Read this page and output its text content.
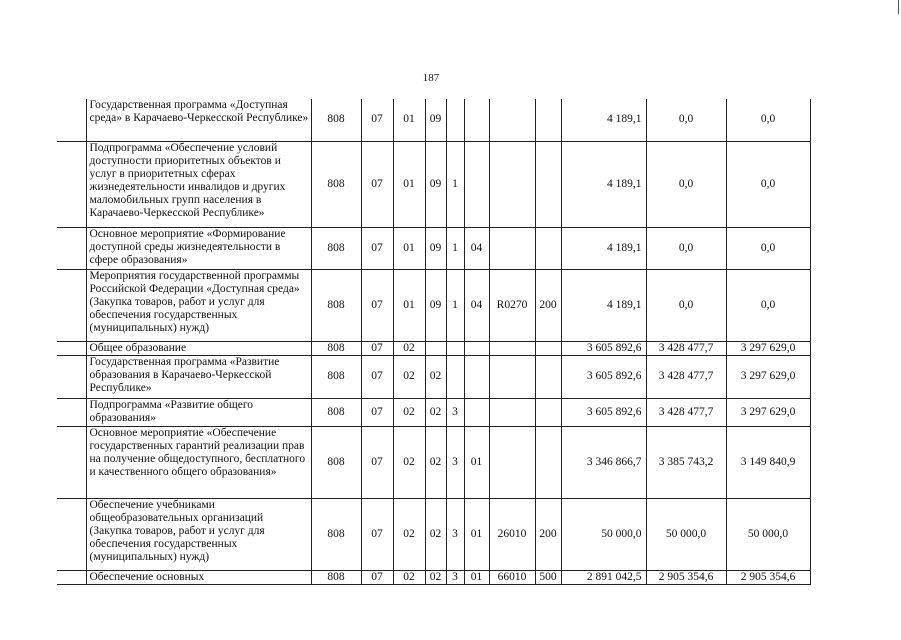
187
	Государственная программа «Доступная среда» в Карачаево-Черкесской Республике»	808	07	01	09					4 189,1	0,0	0,0
	Подпрограмма «Обеспечение условий доступности приоритетных объектов и услуг в приоритетных сферах жизнедеятельности инвалидов и других маломобильных групп населения в Карачаево-Черкесской Республике»	808	07	01	09	1				4 189,1	0,0	0,0
	Основное мероприятие «Формирование доступной среды жизнедеятельности в сфере образования»	808	07	01	09	1	04			4 189,1	0,0	0,0
	Мероприятия государственной программы Российской Федерации «Доступная среда» (Закупка товаров, работ и услуг для обеспечения государственных (муниципальных) нужд)	808	07	01	09	1	04	R0270	200	4 189,1	0,0	0,0
	Общее образование	808	07	02						3 605 892,6	3 428 477,7	3 297 629,0
	Государственная программа «Развитие образования в Карачаево-Черкесской Республике»	808	07	02	02					3 605 892,6	3 428 477,7	3 297 629,0
	Подпрограмма «Развитие общего образования»	808	07	02	02	3				3 605 892,6	3 428 477,7	3 297 629,0
	Основное мероприятие «Обеспечение государственных гарантий реализации прав на получение общедоступного, бесплатного и качественного общего образования»	808	07	02	02	3	01			3 346 866,7	3 385 743,2	3 149 840,9
	Обеспечение учебниками общеобразовательных организаций (Закупка товаров, работ и услуг для обеспечения государственных (муниципальных) нужд)	808	07	02	02	3	01	26010	200	50 000,0	50 000,0	50 000,0
	Обеспечение основных	808	07	02	02	3	01	66010	500	2 891 042,5	2 905 354,6	2 905 354,6
